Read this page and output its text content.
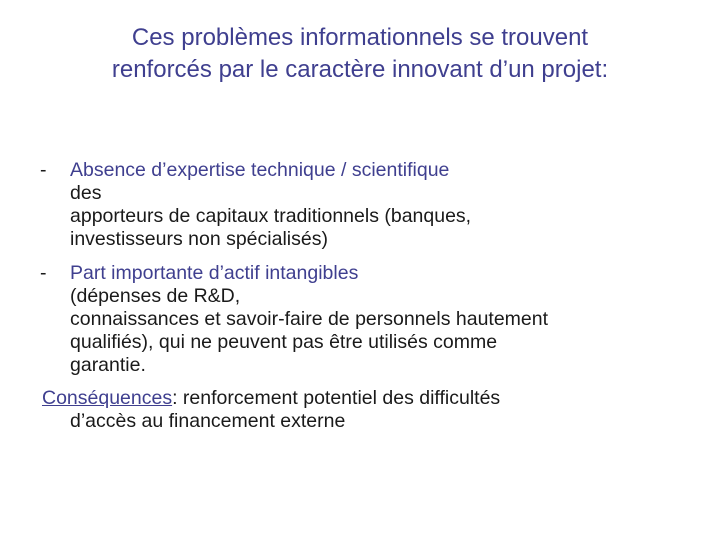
Ces problèmes informationnels se trouvent
renforcés par le caractère innovant d’un projet:
- Absence d’expertise technique / scientifique
des
apporteurs de capitaux traditionnels (banques,
investisseurs non spécialisés)
- Part importante d’actif intangibles
(dépenses de R&D,
connaissances et savoir-faire de personnels hautement
qualifiés), qui ne peuvent pas être utilisés comme
garantie.
Conséquences: renforcement potentiel des difficultés
d’accès au financement externe
